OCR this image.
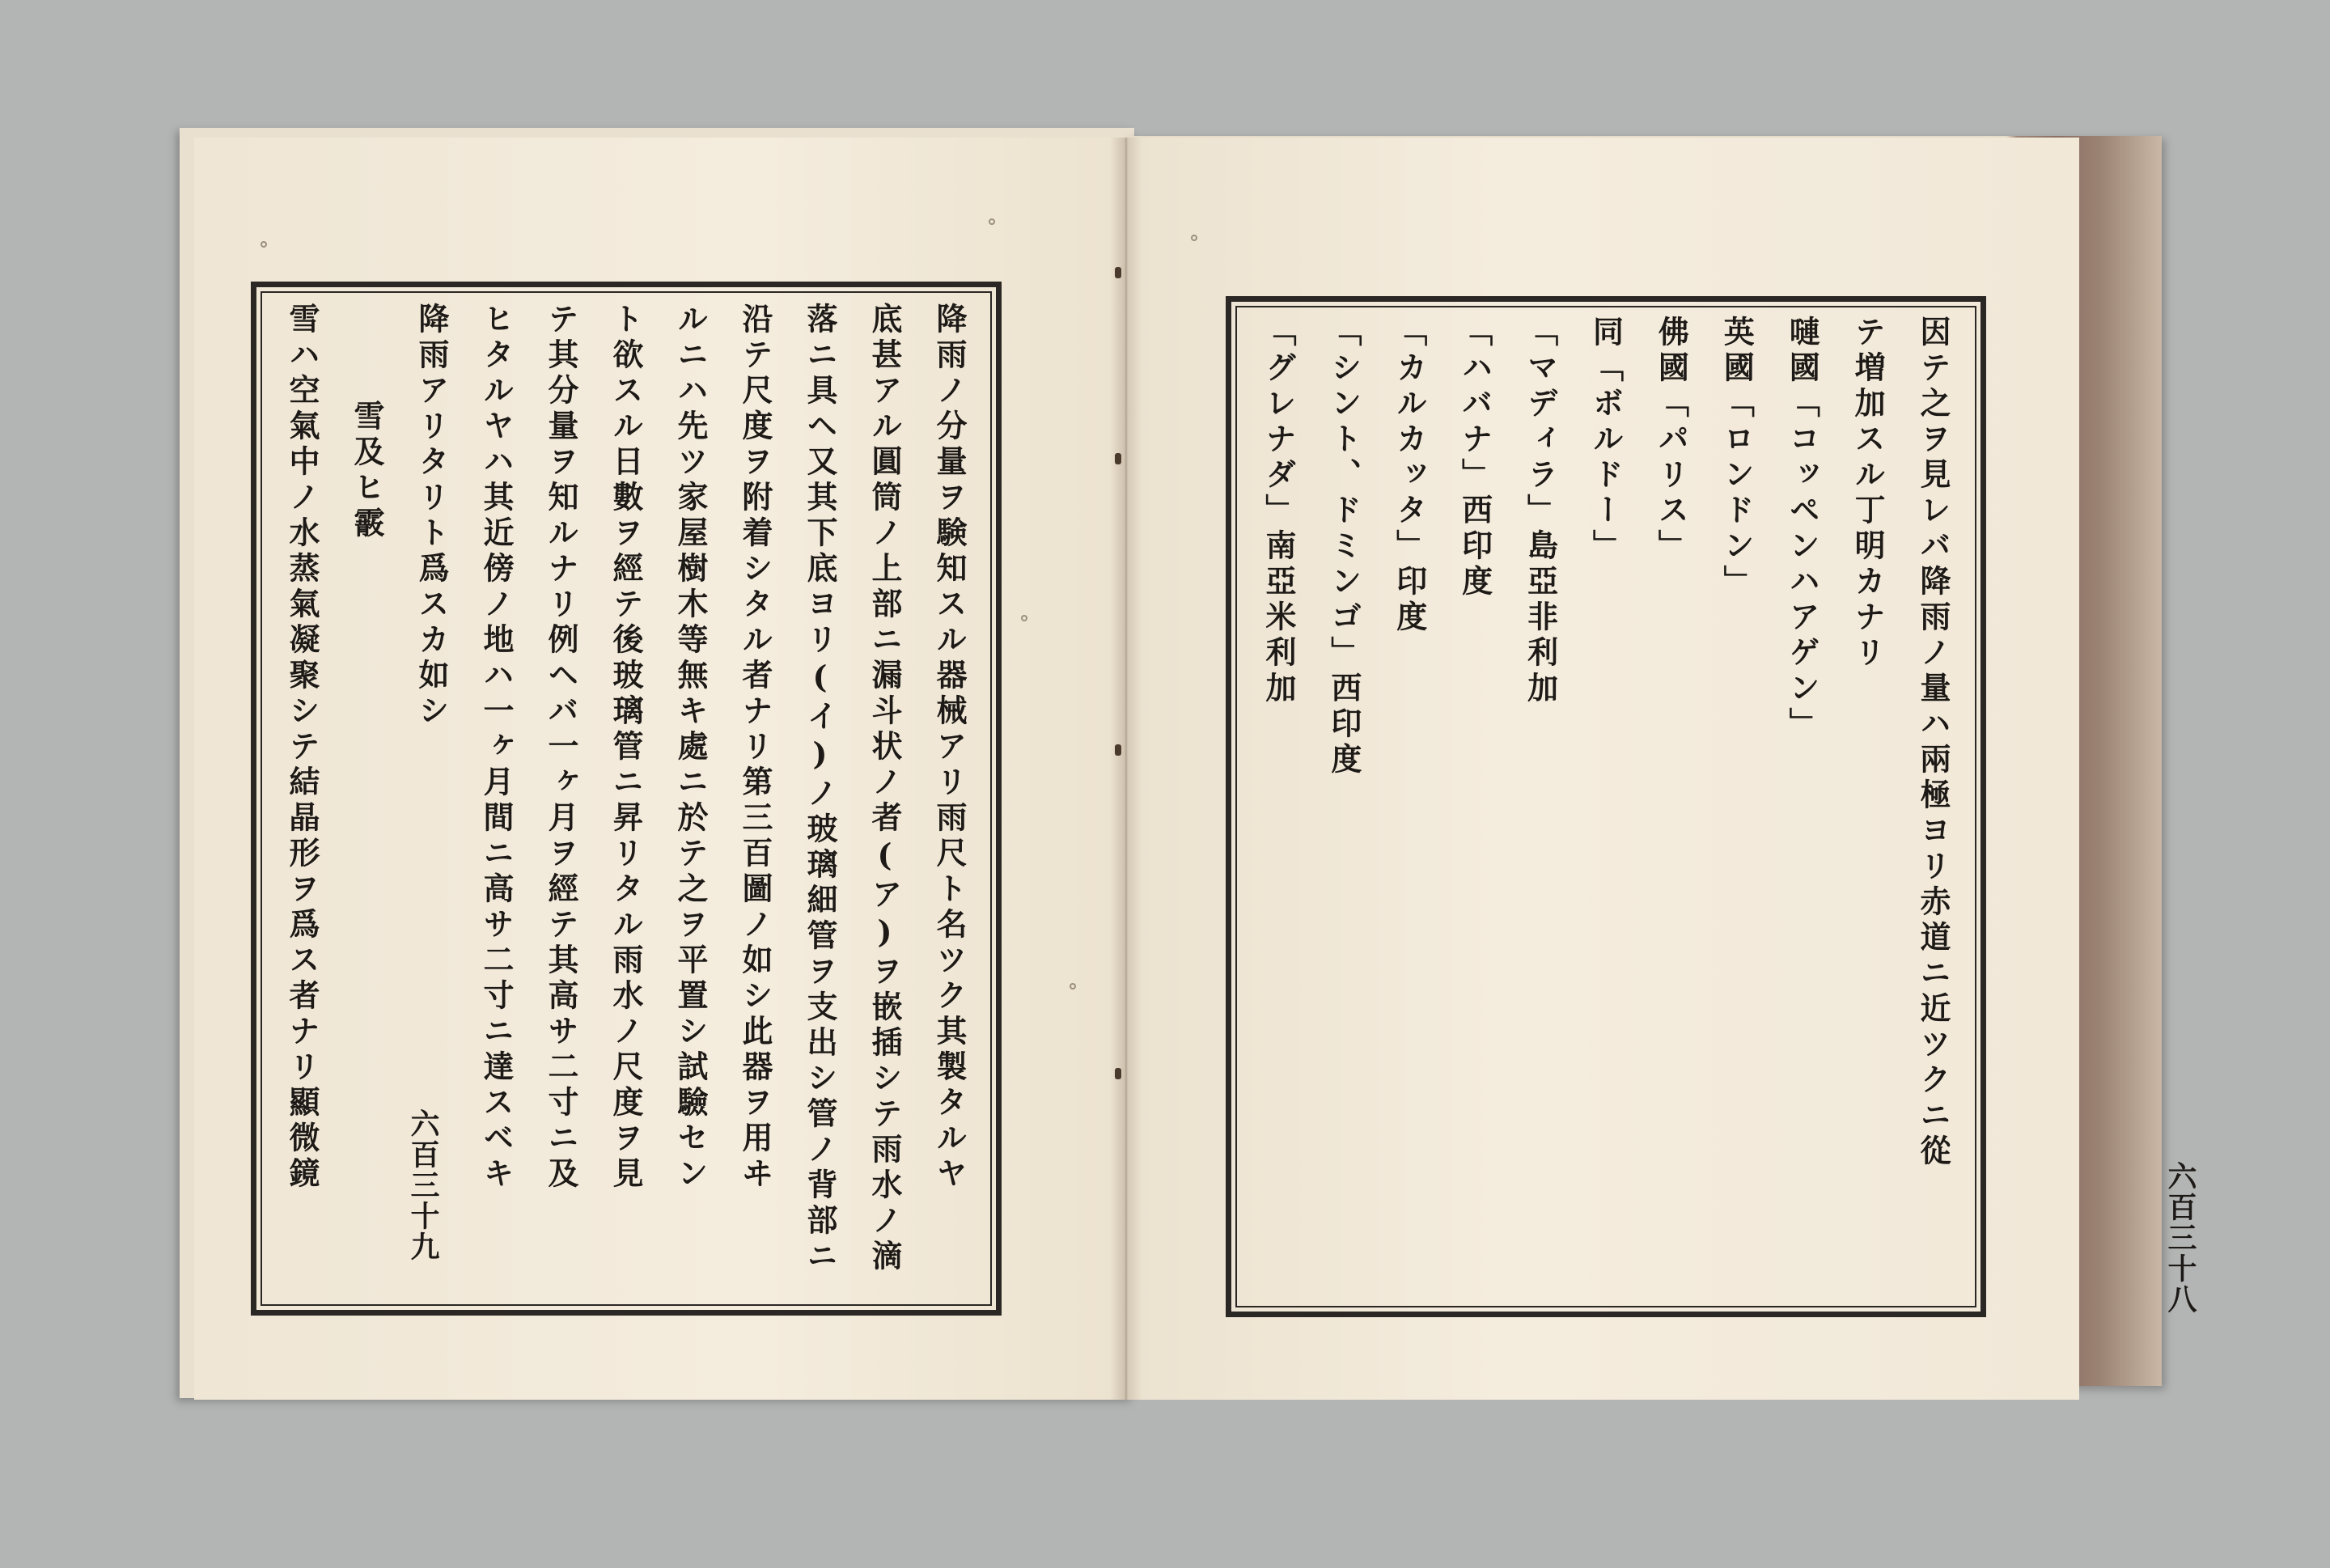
降雨ノ分量ヲ験知スル器械アリ雨尺ト名ツク其製タルヤ
底甚アル圓筒ノ上部ニ漏斗状ノ者(ア)ヲ嵌插シテ雨水ノ滴
落ニ具ヘ又其下底ヨリ(イ)ノ玻璃細管ヲ支出シ管ノ背部ニ
沿テ尺度ヲ附着シタル者ナリ第三百圖ノ如シ此器ヲ用ヰ
ルニハ先ツ家屋樹木等無キ處ニ於テ之ヲ平置シ試驗セン
ト欲スル日數ヲ經テ後玻璃管ニ昇リタル雨水ノ尺度ヲ見
テ其分量ヲ知ルナリ例ヘバ一ヶ月ヲ經テ其高サ二寸ニ及
ヒタルヤハ其近傍ノ地ハ一ヶ月間ニ高サ二寸ニ達スベキ
降雨アリタリト爲スカ如シ
雪及ヒ霰
雪ハ空氣中ノ水蒸氣凝聚シテ結晶形ヲ爲ス者ナリ顯微鏡	六百三十九
因テ之ヲ見レバ降雨ノ量ハ兩極ヨリ赤道ニ近ツクニ從
テ増加スル丁明カナリ
嗹國「コッペンハアゲン」
英國「ロンドン」
佛國「パリス」
同「ボルドー」
「マディラ」島亞非利加
「ハバナ」西印度
「カルカッタ」印度
「シント、ドミンゴ」西印度
「グレナダ」南亞米利加
六百三十八
